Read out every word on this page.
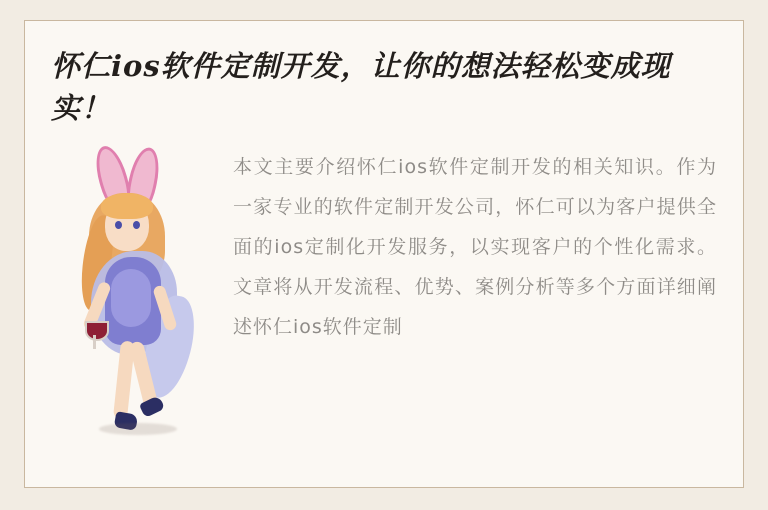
怀仁ios软件定制开发，让你的想法轻松变成现实！
本文主要介绍怀仁ios软件定制开发的相关知识。作为一家专业的软件定制开发公司，怀仁可以为客户提供全面的ios定制化开发服务，以实现客户的个性化需求。文章将从开发流程、优势、案例分析等多个方面详细阐述怀仁ios软件定制
